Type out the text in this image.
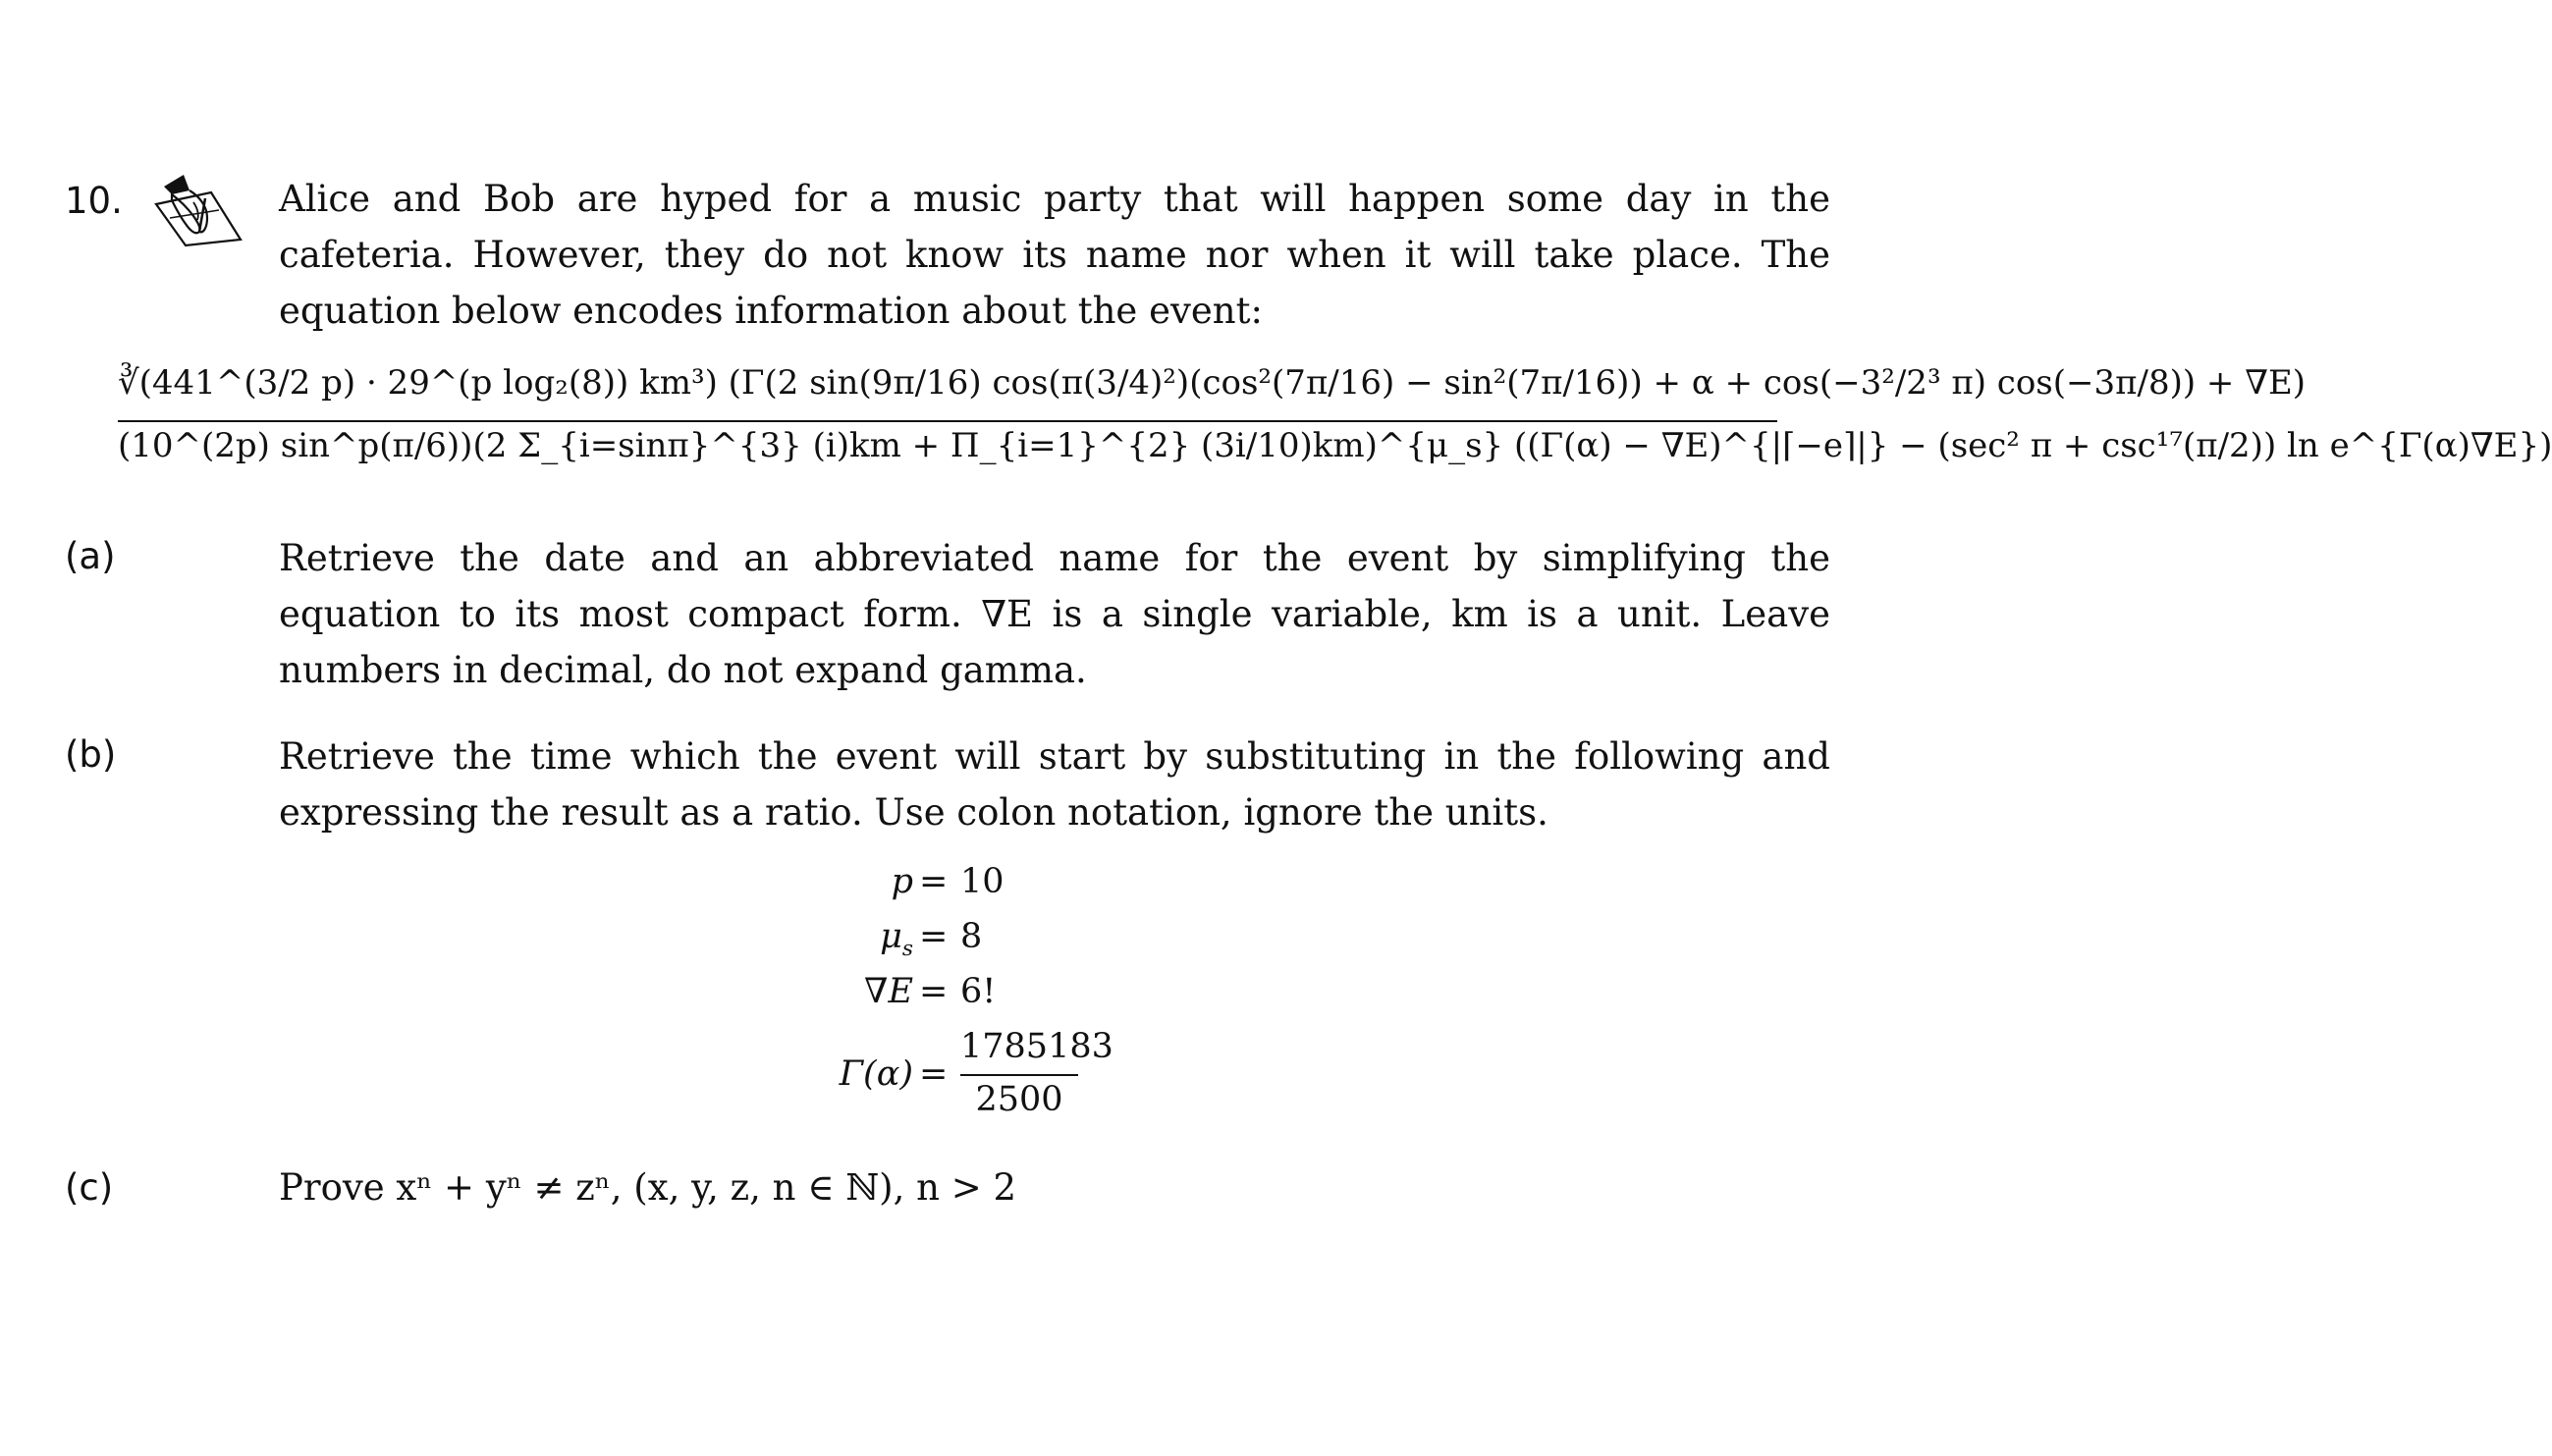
10.	Alice and Bob are hyped for a music party that will happen some day in the cafeteria. However, they do not know its name nor when it will take place. The equation below encodes information about the event:
∛(441^(3/2 p) · 29^(p log₂(8)) km³) (Γ(2 sin(9π/16) cos(π(3/4)²)(cos²(7π/16) − sin²(7π/16)) + α + cos(−3²/2³ π) cos(−3π/8)) + ∇E)
(10^(2p) sin^p(π/6))(2 Σ_{i=sinπ}^{3} (i)km + Π_{i=1}^{2} (3i/10)km)^{μ_s} ((Γ(α) − ∇E)^{|⌈−e⌉|} − (sec² π + csc¹⁷(π/2)) ln e^{Γ(α)∇E})
(a)	Retrieve the date and an abbreviated name for the event by simplifying the equation to its most compact form. ∇E is a single variable, km is a unit. Leave numbers in decimal, do not expand gamma.
(b)	Retrieve the time which the event will start by substituting in the following and expressing the result as a ratio. Use colon notation, ignore the units.
p = 10
$\mu_s = 8$
∇E = 6!
Γ(α) =
1785183
2500
(c)	Prove xⁿ + yⁿ ≠ zⁿ, (x, y, z, n ∈ ℕ), n > 2
